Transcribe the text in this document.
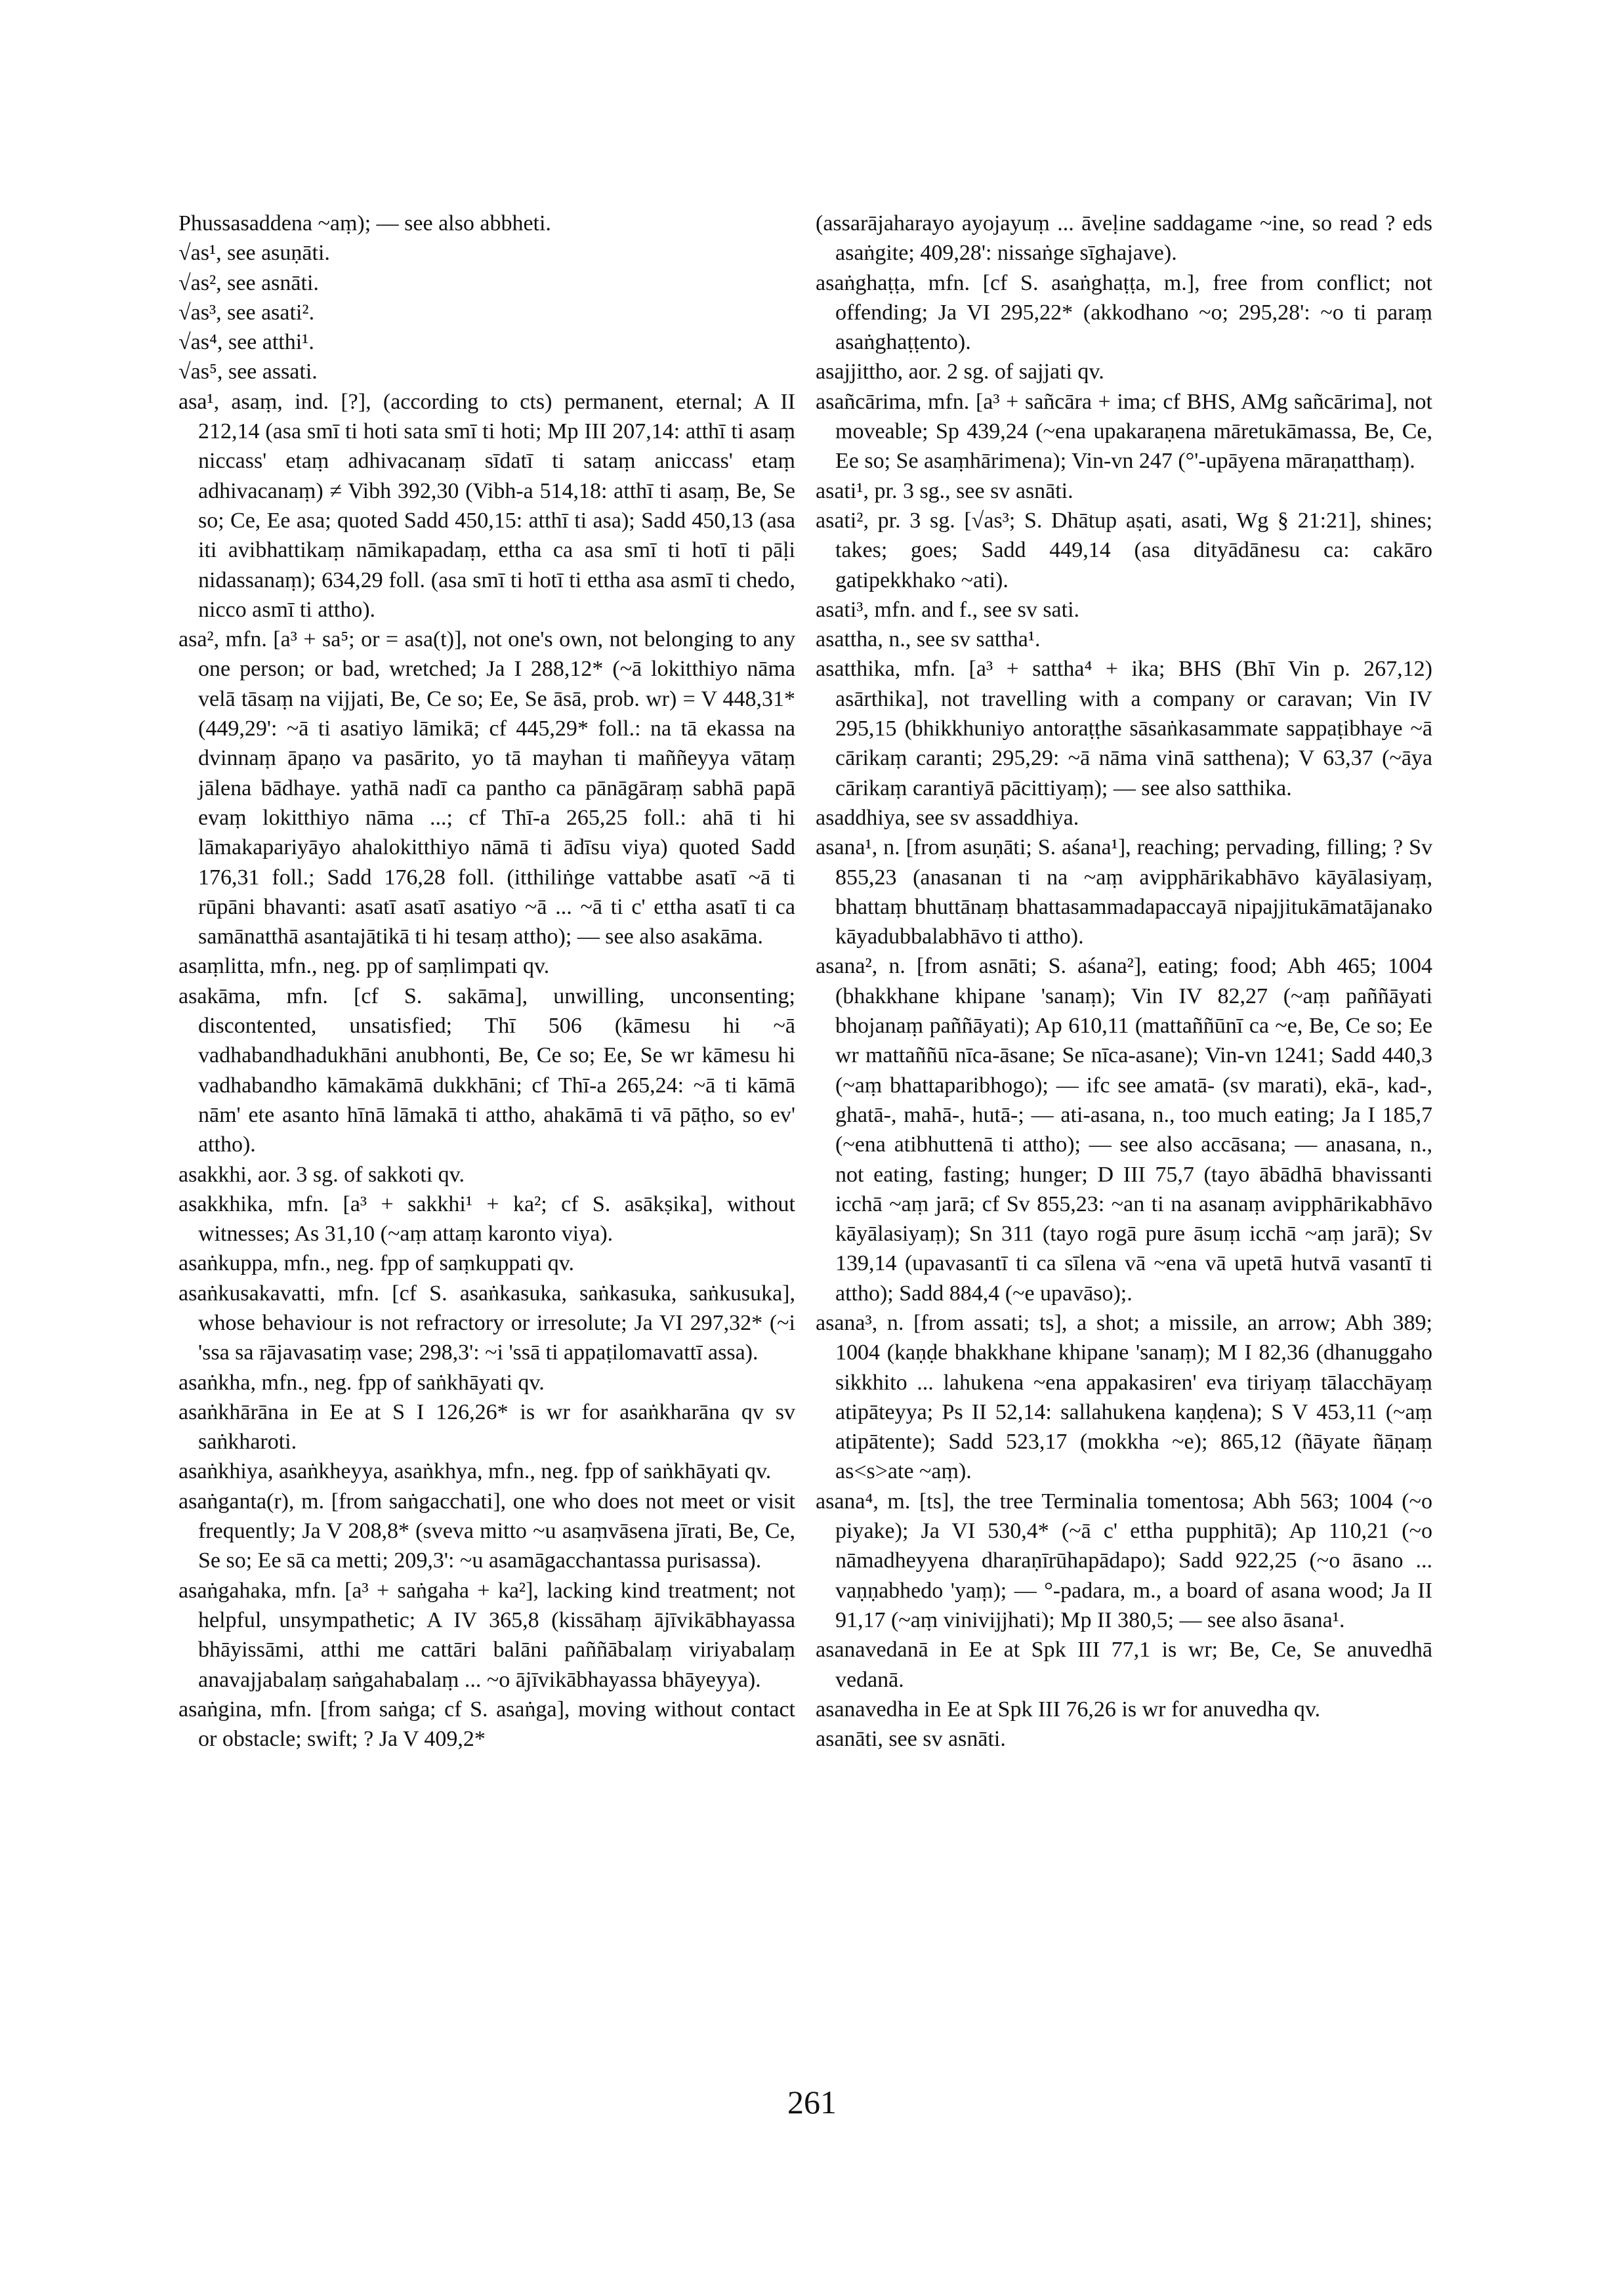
Phussasaddena ~aṃ); — see also abbheti.

√as¹, see asuṇāti.

√as², see asnāti.

√as³, see asati².

√as⁴, see atthi¹.

√as⁵, see assati.

asa¹, asaṃ, ind. [?], (according to cts) permanent, eternal; A II 212,14 (asa smī ti hoti sata smī ti hoti; Mp III 207,14: atthī ti asaṃ niccass' etaṃ adhivacanaṃ sīdatī ti sataṃ aniccass' etaṃ adhivacanaṃ) ≠ Vibh 392,30 (Vibh-a 514,18: atthī ti asaṃ, Be, Se so; Ce, Ee asa; quoted Sadd 450,15: atthī ti asa); Sadd 450,13 (asa iti avibhattikaṃ nāmikapadaṃ, ettha ca asa smī ti hotī ti pāḷi nidassanaṃ); 634,29 foll. (asa smī ti hotī ti ettha asa asmī ti chedo, nicco asmī ti attho).

asa², mfn. [a³ + sa⁵; or = asa(t)], not one's own, not belonging to any one person; or bad, wretched; Ja I 288,12* (~ā lokitthiyo nāma velā tāsaṃ na vijjati, Be, Ce so; Ee, Se āsā, prob. wr) = V 448,31* (449,29': ~ā ti asatiyo lāmikā; cf 445,29* foll.: na tā ekassa na dvinnaṃ āpaṇo va pasārito, yo tā mayhan ti maññeyya vātaṃ jālena bādhaye. yathā nadī ca pantho ca pānāgāraṃ sabhā papā evaṃ lokitthiyo nāma ...; cf Thī-a 265,25 foll.: ahā ti hi lāmakapariyāyo ahalokitthiyo nāmā ti ādīsu viya) quoted Sadd 176,31 foll.; Sadd 176,28 foll. (itthiliṅge vattabbe asatī ~ā ti rūpāni bhavanti: asatī asatī asatiyo ~ā ... ~ā ti c' ettha asatī ti ca samānatthā asantajātikā ti hi tesaṃ attho); — see also asakāma.

asaṃlitta, mfn., neg. pp of saṃlimpati qv.

asakāma, mfn. [cf S. sakāma], unwilling, unconsenting; discontented, unsatisfied; Thī 506 (kāmesu hi ~ā vadhabandhadukhāni anubhonti, Be, Ce so; Ee, Se wr kāmesu hi vadhabandho kāmakāmā dukkhāni; cf Thī-a 265,24: ~ā ti kāmā nām' ete asanto hīnā lāmakā ti attho, ahakāmā ti vā pāṭho, so ev' attho).

asakkhi, aor. 3 sg. of sakkoti qv.

asakkhika, mfn. [a³ + sakkhi¹ + ka²; cf S. asākṣika], without witnesses; As 31,10 (~aṃ attaṃ karonto viya).

asaṅkuppa, mfn., neg. fpp of saṃkuppati qv.

asaṅkusakavatti, mfn. [cf S. asaṅkasuka, saṅkasuka, saṅkusuka], whose behaviour is not refractory or irresolute; Ja VI 297,32* (~i 'ssa sa rājavasatiṃ vase; 298,3': ~i 'ssā ti appaṭilomavattī assa).

asaṅkha, mfn., neg. fpp of saṅkhāyati qv.

asaṅkhārāna in Ee at S I 126,26* is wr for asaṅkharāna qv sv saṅkharoti.

asaṅkhiya, asaṅkheyya, asaṅkhya, mfn., neg. fpp of saṅkhāyati qv.

asaṅganta(r), m. [from saṅgacchati], one who does not meet or visit frequently; Ja V 208,8* (sveva mitto ~u asaṃvāsena jīrati, Be, Ce, Se so; Ee sā ca metti; 209,3': ~u asamāgacchantassa purisassa).

asaṅgahaka, mfn. [a³ + saṅgaha + ka²], lacking kind treatment; not helpful, unsympathetic; A IV 365,8 (kissāhaṃ ājīvikābhayassa bhāyissāmi, atthi me cattāri balāni paññābalaṃ viriyabalaṃ anavajjabalaṃ saṅgahabalaṃ ... ~o ājīvikābhayassa bhāyeyya).

asaṅgina, mfn. [from saṅga; cf S. asaṅga], moving without contact or obstacle; swift; ? Ja V 409,2*

(assarājaharayo ayojayuṃ ... āveḷine saddagame ~ine, so read ? eds asaṅgite; 409,28': nissaṅge sīghajave).

asaṅghaṭṭa, mfn. [cf S. asaṅghaṭṭa, m.], free from conflict; not offending; Ja VI 295,22* (akkodhano ~o; 295,28': ~o ti paraṃ asaṅghaṭṭento).

asajjittho, aor. 2 sg. of sajjati qv.

asañcārima, mfn. [a³ + sañcāra + ima; cf BHS, AMg sañcārima], not moveable; Sp 439,24 (~ena upakaraṇena māretukāmassa, Be, Ce, Ee so; Se asaṃhārimena); Vin-vn 247 (°'-upāyena māraṇatthaṃ).

asati¹, pr. 3 sg., see sv asnāti.

asati², pr. 3 sg. [√as³; S. Dhātup aṣati, asati, Wg § 21:21], shines; takes; goes; Sadd 449,14 (asa dityādānesu ca: cakāro gatipekkhako ~ati).

asati³, mfn. and f., see sv sati.

asattha, n., see sv sattha¹.

asatthika, mfn. [a³ + sattha⁴ + ika; BHS (Bhī Vin p. 267,12) asārthika], not travelling with a company or caravan; Vin IV 295,15 (bhikkhuniyo antoraṭṭhe sāsaṅkasammate sappaṭibhaye ~ā cārikaṃ caranti; 295,29: ~ā nāma vinā satthena); V 63,37 (~āya cārikaṃ carantiyā pācittiyaṃ); — see also satthika.

asaddhiya, see sv assaddhiya.

asana¹, n. [from asuṇāti; S. aśana¹], reaching; pervading, filling; ? Sv 855,23 (anasanan ti na ~aṃ avipphārikabhāvo kāyālasiyaṃ, bhattaṃ bhuttānaṃ bhattasammadapaccayā nipajjitukāmatājanako kāyadubbalabhāvo ti attho).

asana², n. [from asnāti; S. aśana²], eating; food; Abh 465; 1004 (bhakkhane khipane 'sanaṃ); Vin IV 82,27 (~aṃ paññāyati bhojanaṃ paññāyati); Ap 610,11 (mattaññūnī ca ~e, Be, Ce so; Ee wr mattaññū nīca-āsane; Se nīca-asane); Vin-vn 1241; Sadd 440,3 (~aṃ bhattaparibhogo); — ifc see amatā- (sv marati), ekā-, kad-, ghatā-, mahā-, hutā-; — ati-asana, n., too much eating; Ja I 185,7 (~ena atibhuttenā ti attho); — see also accāsana; — anasana, n., not eating, fasting; hunger; D III 75,7 (tayo ābādhā bhavissanti icchā ~aṃ jarā; cf Sv 855,23: ~an ti na asanaṃ avipphārikabhāvo kāyālasiyaṃ); Sn 311 (tayo rogā pure āsuṃ icchā ~aṃ jarā); Sv 139,14 (upavasantī ti ca sīlena vā ~ena vā upetā hutvā vasantī ti attho); Sadd 884,4 (~e upavāso);.

asana³, n. [from assati; ts], a shot; a missile, an arrow; Abh 389; 1004 (kaṇḍe bhakkhane khipane 'sanaṃ); M I 82,36 (dhanuggaho sikkhito ... lahukena ~ena appakasiren' eva tiriyaṃ tālacchāyaṃ atipāteyya; Ps II 52,14: sallahukena kaṇḍena); S V 453,11 (~aṃ atipātente); Sadd 523,17 (mokkha ~e); 865,12 (ñāyate ñāṇaṃ as<s>ate ~aṃ).

asana⁴, m. [ts], the tree Terminalia tomentosa; Abh 563; 1004 (~o piyake); Ja VI 530,4* (~ā c' ettha pupphitā); Ap 110,21 (~o nāmadheyyena dharaṇīrūhapādapo); Sadd 922,25 (~o āsano ... vaṇṇabhedo 'yaṃ); — °-padara, m., a board of asana wood; Ja II 91,17 (~aṃ vinivijjhati); Mp II 380,5; — see also āsana¹.

asanavedanā in Ee at Spk III 77,1 is wr; Be, Ce, Se anuvedhā vedanā.

asanavedha in Ee at Spk III 76,26 is wr for anuvedha qv.

asanāti, see sv asnāti.

261
